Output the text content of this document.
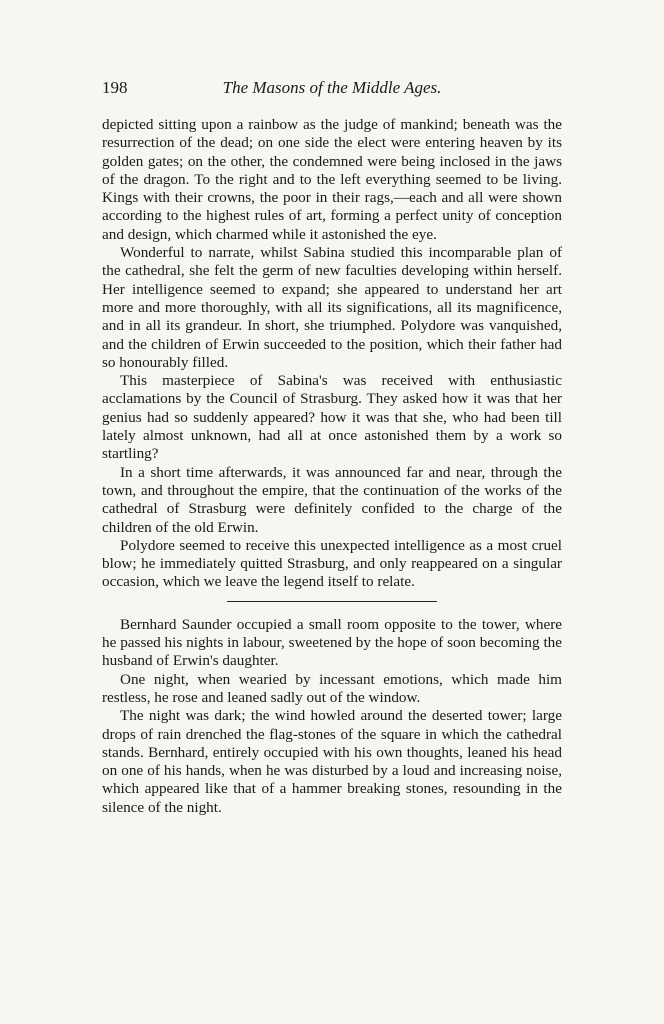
198	The Masons of the Middle Ages.

depicted sitting upon a rainbow as the judge of mankind; beneath was the resurrection of the dead; on one side the elect were entering heaven by its golden gates; on the other, the condemned were being inclosed in the jaws of the dragon. To the right and to the left everything seemed to be living. Kings with their crowns, the poor in their rags,—each and all were shown according to the highest rules of art, forming a perfect unity of conception and design, which charmed while it astonished the eye.

Wonderful to narrate, whilst Sabina studied this incomparable plan of the cathedral, she felt the germ of new faculties developing within herself. Her intelligence seemed to expand; she appeared to understand her art more and more thoroughly, with all its significations, all its magnificence, and in all its grandeur. In short, she triumphed. Polydore was vanquished, and the children of Erwin succeeded to the position, which their father had so honourably filled.

This masterpiece of Sabina's was received with enthusiastic acclamations by the Council of Strasburg. They asked how it was that her genius had so suddenly appeared? how it was that she, who had been till lately almost unknown, had all at once astonished them by a work so startling?

In a short time afterwards, it was announced far and near, through the town, and throughout the empire, that the continuation of the works of the cathedral of Strasburg were definitely confided to the charge of the children of the old Erwin.

Polydore seemed to receive this unexpected intelligence as a most cruel blow; he immediately quitted Strasburg, and only reappeared on a singular occasion, which we leave the legend itself to relate.

Bernhard Saunder occupied a small room opposite to the tower, where he passed his nights in labour, sweetened by the hope of soon becoming the husband of Erwin's daughter.

One night, when wearied by incessant emotions, which made him restless, he rose and leaned sadly out of the window.

The night was dark; the wind howled around the deserted tower; large drops of rain drenched the flag-stones of the square in which the cathedral stands. Bernhard, entirely occupied with his own thoughts, leaned his head on one of his hands, when he was disturbed by a loud and increasing noise, which appeared like that of a hammer breaking stones, resounding in the silence of the night.
